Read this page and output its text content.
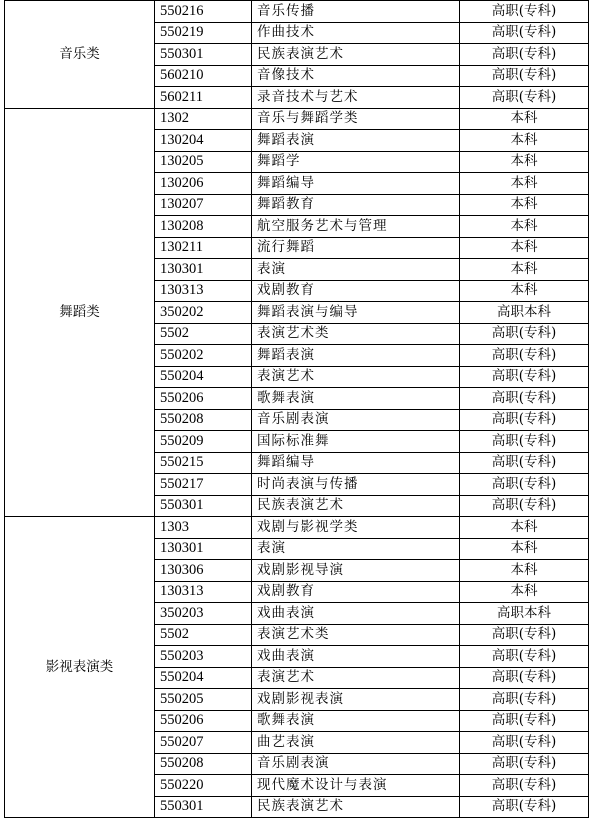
音乐类	550216	音乐传播	高职(专科)
	550219	作曲技术	高职(专科)
	550301	民族表演艺术	高职(专科)
	560210	音像技术	高职(专科)
	560211	录音技术与艺术	高职(专科)
舞蹈类	1302	音乐与舞蹈学类	本科
	130204	舞蹈表演	本科
	130205	舞蹈学	本科
	130206	舞蹈编导	本科
	130207	舞蹈教育	本科
	130208	航空服务艺术与管理	本科
	130211	流行舞蹈	本科
	130301	表演	本科
	130313	戏剧教育	本科
	350202	舞蹈表演与编导	高职本科
	5502	表演艺术类	高职(专科)
	550202	舞蹈表演	高职(专科)
	550204	表演艺术	高职(专科)
	550206	歌舞表演	高职(专科)
	550208	音乐剧表演	高职(专科)
	550209	国际标准舞	高职(专科)
	550215	舞蹈编导	高职(专科)
	550217	时尚表演与传播	高职(专科)
	550301	民族表演艺术	高职(专科)
影视表演类	1303	戏剧与影视学类	本科
	130301	表演	本科
	130306	戏剧影视导演	本科
	130313	戏剧教育	本科
	350203	戏曲表演	高职本科
	5502	表演艺术类	高职(专科)
	550203	戏曲表演	高职(专科)
	550204	表演艺术	高职(专科)
	550205	戏剧影视表演	高职(专科)
	550206	歌舞表演	高职(专科)
	550207	曲艺表演	高职(专科)
	550208	音乐剧表演	高职(专科)
	550220	现代魔术设计与表演	高职(专科)
	550301	民族表演艺术	高职(专科)
